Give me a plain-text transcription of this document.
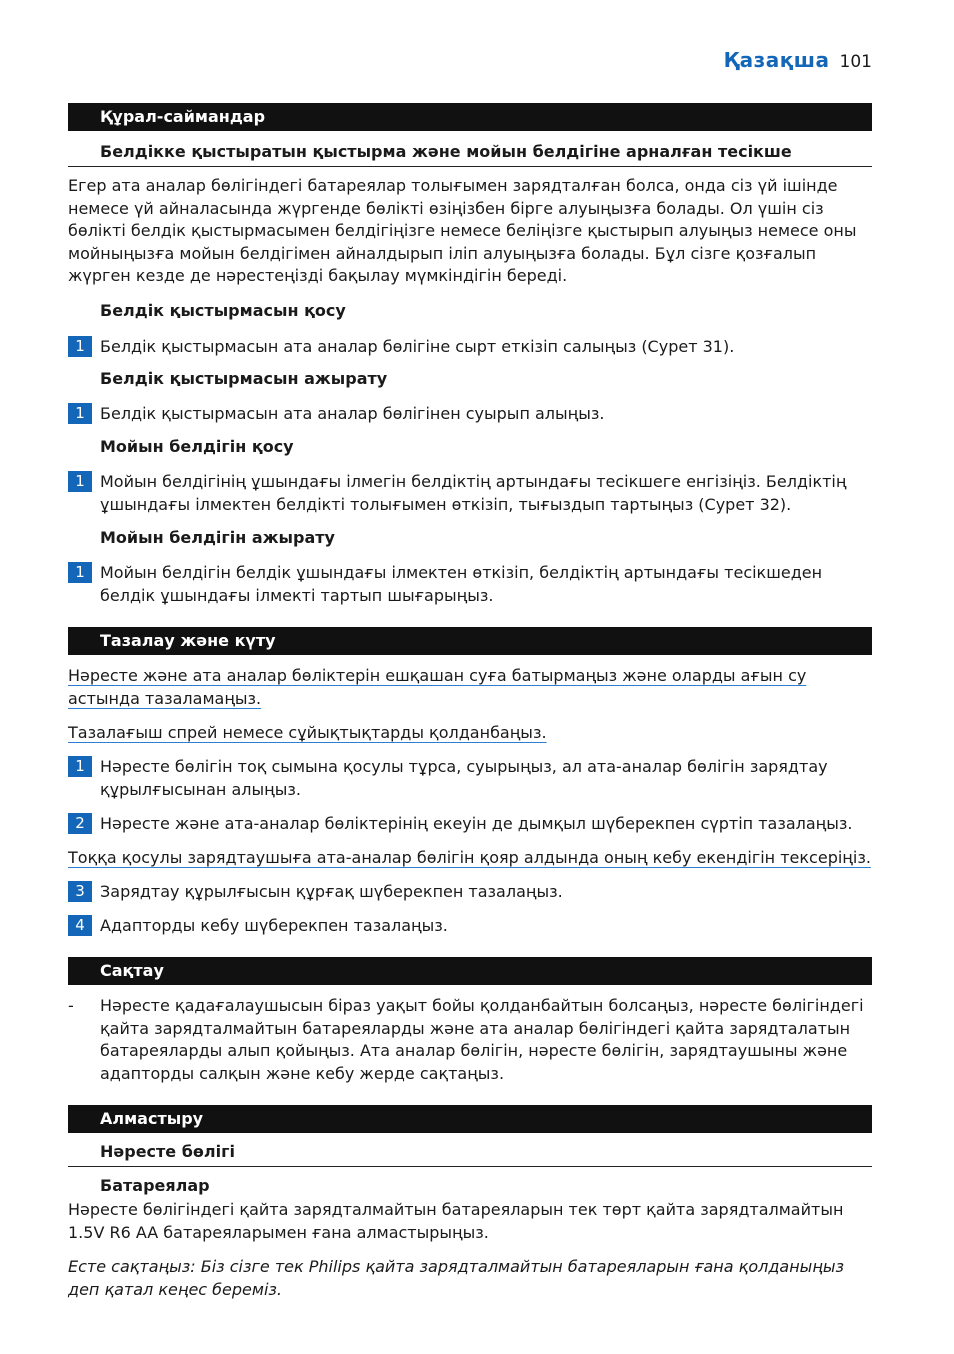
Қазақша 101
Құрал-саймандар
Белдікке қыстыратын қыстырма және мойын белдігіне арналған тесікше

Егер ата аналар бөлігіндегі батареялар толығымен зарядталған болса, онда сіз үй ішінде немесе үй айналасында жүргенде бөлікті өзіңізбен бірге алуыңызға болады. Ол үшін сіз бөлікті белдік қыстырмасымен белдігіңізге немесе беліңізге қыстырып алуыңыз немесе оны мойныңызға мойын белдігімен айналдырып іліп алуыңызға болады. Бұл сізге қозғалып жүрген кезде де нәрестеңізді бақылау мүмкіндігін береді.

Белдік қыстырмасын қосу
1 Белдік қыстырмасын ата аналар бөлігіне сырт еткізіп салыңыз (Сурет 31).
Белдік қыстырмасын ажырату
1 Белдік қыстырмасын ата аналар бөлігінен суырып алыңыз.
Мойын белдігін қосу
1 Мойын белдігінің ұшындағы ілмегін белдіктің артындағы тесікшеге енгізіңіз. Белдіктің ұшындағы ілмектен белдікті толығымен өткізіп, тығыздып тартыңыз (Сурет 32).
Мойын белдігін ажырату
1 Мойын белдігін белдік ұшындағы ілмектен өткізіп, белдіктің артындағы тесікшеден белдік ұшындағы ілмекті тартып шығарыңыз.
Тазалау және күту

Нәресте және ата аналар бөліктерін ешқашан суға батырмаңыз және оларды ағын су астында тазаламаңыз.

Тазалағыш спрей немесе сұйықтықтарды қолданбаңыз.

1 Нәресте бөлігін тоқ сымына қосулы тұрса, суырыңыз, ал ата-аналар бөлігін зарядтау құрылғысынан алыңыз.
2 Нәресте және ата-аналар бөліктерінің екеуін де дымқыл шүберекпен сүртіп тазалаңыз.

Тоққа қосулы зарядтаушыға ата-аналар бөлігін қояр алдында оның кебу екендігін тексеріңіз.

3 Зарядтау құрылғысын құрғақ шүберекпен тазалаңыз.
4 Адапторды кебу шүберекпен тазалаңыз.
Сақтау
- Нәресте қадағалаушысын біраз уақыт бойы қолданбайтын болсаңыз, нәресте бөлігіндегі қайта зарядталмайтын батареяларды және ата аналар бөлігіндегі қайта зарядталатын батареяларды алып қойыңыз. Ата аналар бөлігін, нәресте бөлігін, зарядтаушыны және адапторды салқын және кебу жерде сақтаңыз.

Алмастыру
Нәресте бөлігі
Батареялар

Нәресте бөлігіндегі қайта зарядталмайтын батареяларын тек төрт қайта зарядталмайтын 1.5V R6 AA батареяларымен ғана алмастырыңыз.

Есте сақтаңыз: Біз сізге тек Philips қайта зарядталмайтын батареяларын ғана қолданыңыз деп қатал кеңес береміз.
